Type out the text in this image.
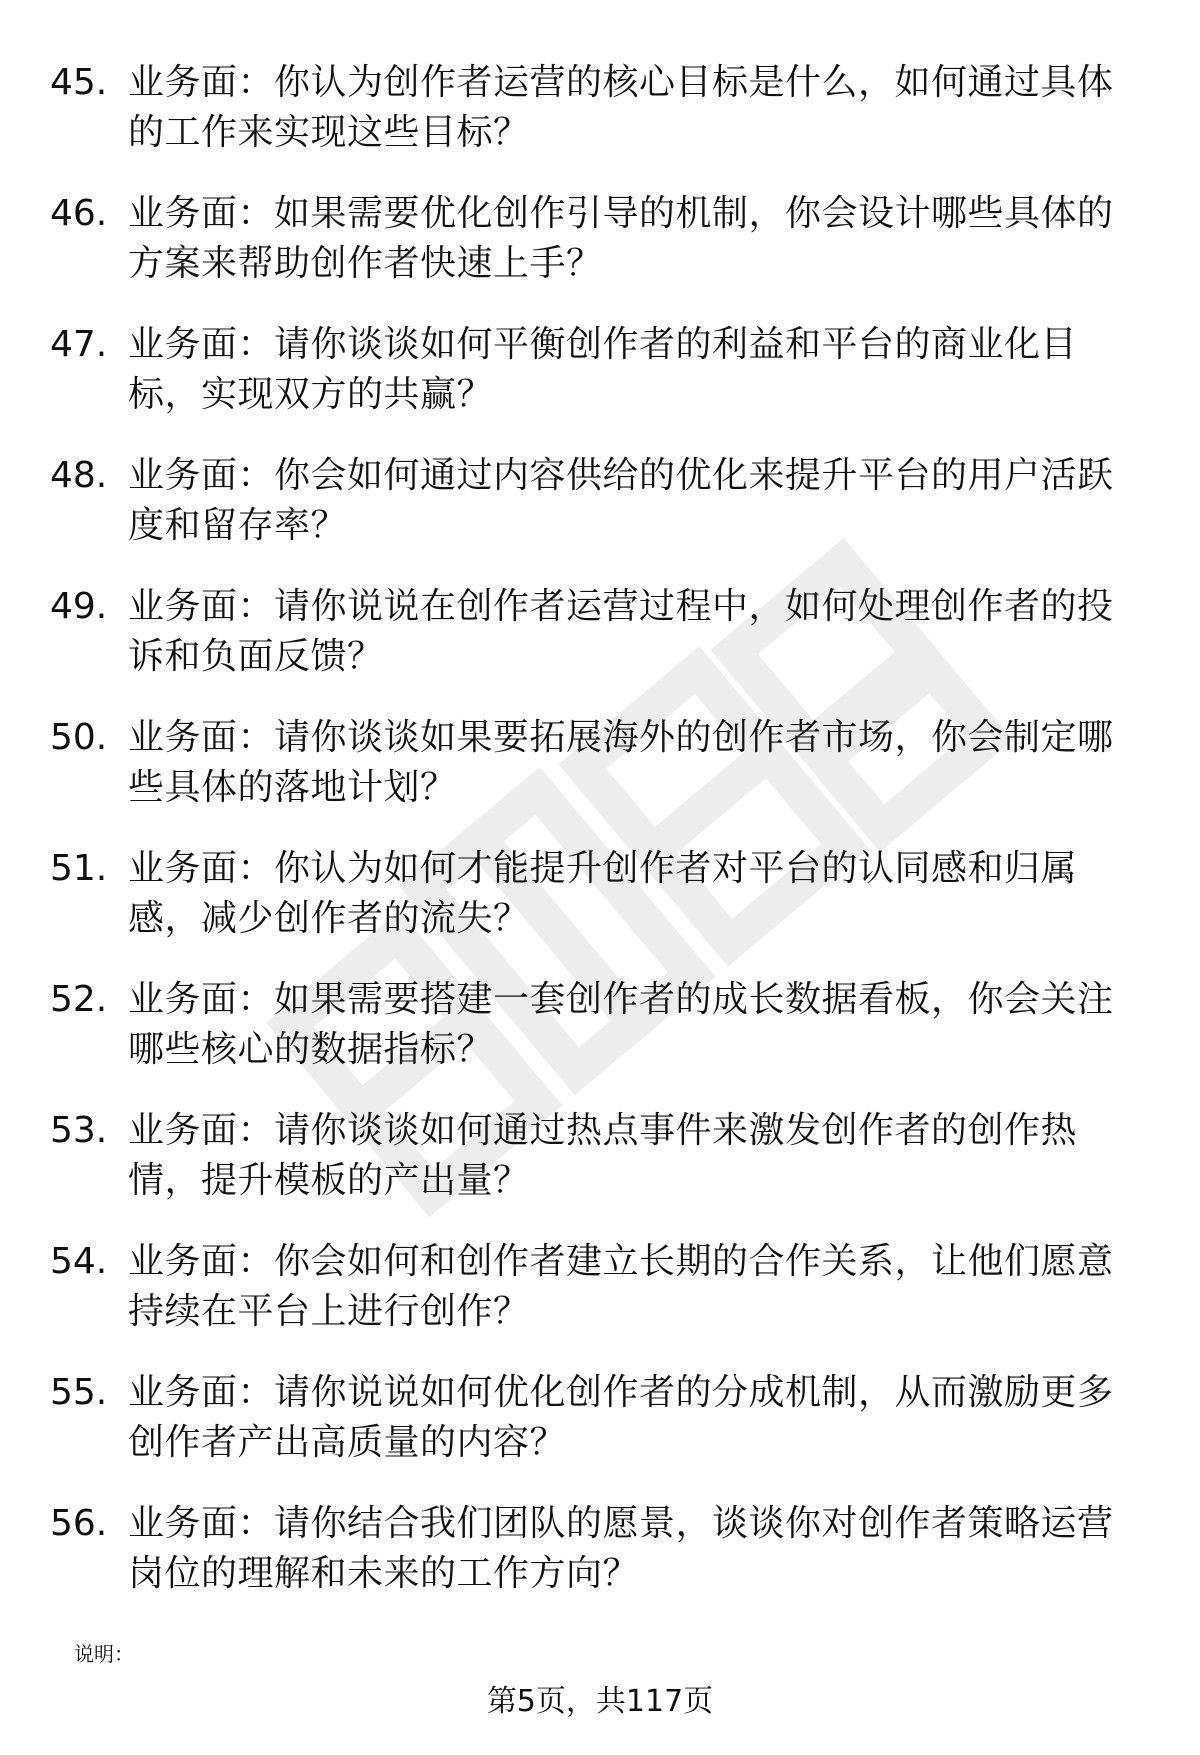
45. 业务面：你认为创作者运营的核心目标是什么，如何通过具体的工作来实现这些目标？
46. 业务面：如果需要优化创作引导的机制，你会设计哪些具体的方案来帮助创作者快速上手？
47. 业务面：请你谈谈如何平衡创作者的利益和平台的商业化目标，实现双方的共赢？
48. 业务面：你会如何通过内容供给的优化来提升平台的用户活跃度和留存率？
49. 业务面：请你说说在创作者运营过程中，如何处理创作者的投诉和负面反馈？
50. 业务面：请你谈谈如果要拓展海外的创作者市场，你会制定哪些具体的落地计划？
51. 业务面：你认为如何才能提升创作者对平台的认同感和归属感，减少创作者的流失？
52. 业务面：如果需要搭建一套创作者的成长数据看板，你会关注哪些核心的数据指标？
53. 业务面：请你谈谈如何通过热点事件来激发创作者的创作热情，提升模板的产出量？
54. 业务面：你会如何和创作者建立长期的合作关系，让他们愿意持续在平台上进行创作？
55. 业务面：请你说说如何优化创作者的分成机制，从而激励更多创作者产出高质量的内容？
56. 业务面：请你结合我们团队的愿景，谈谈你对创作者策略运营岗位的理解和未来的工作方向？
说明：
第5页，共117页
